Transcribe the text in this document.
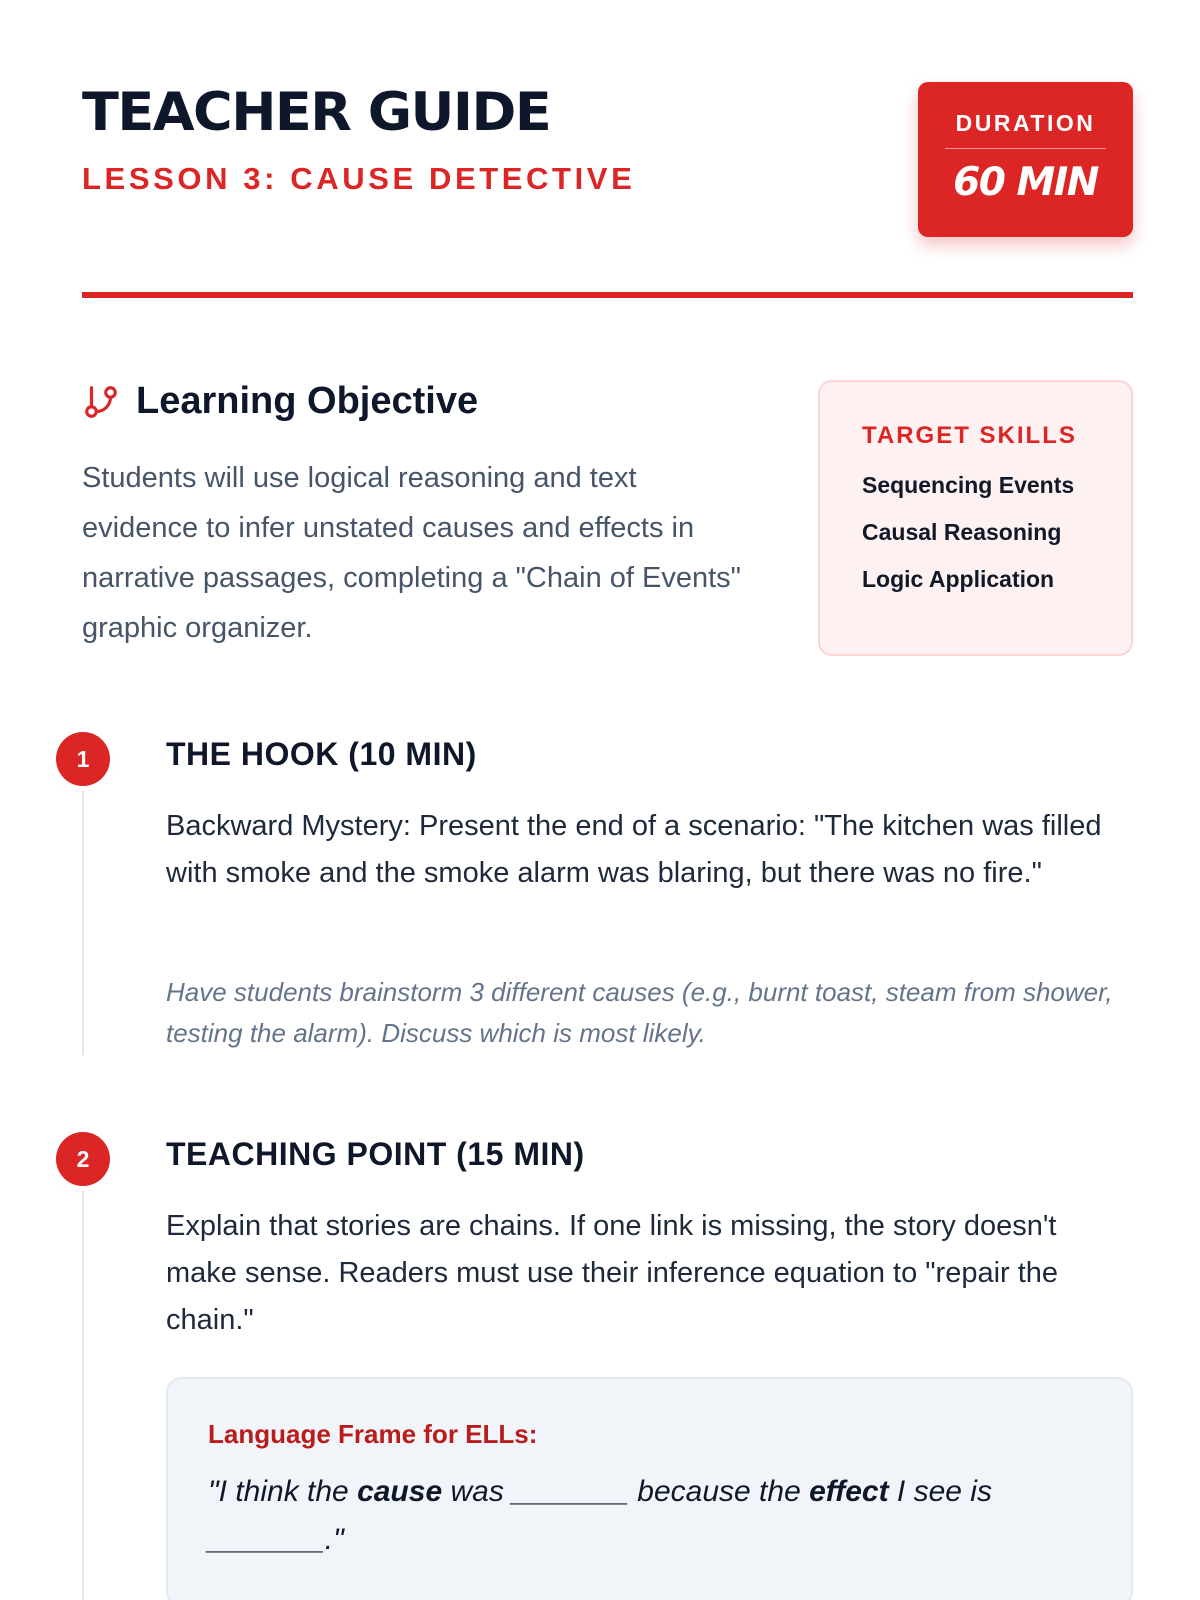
TEACHER GUIDE
LESSON 3: CAUSE DETECTIVE
DURATION
60 MIN
Learning Objective

Students will use logical reasoning and text evidence to infer unstated causes and effects in narrative passages, completing a "Chain of Events" graphic organizer.

TARGET SKILLS
Sequencing Events
Causal Reasoning
Logic Application
1	THE HOOK (10 MIN)
Backward Mystery: Present the end of a scenario: "The kitchen was filled with smoke and the smoke alarm was blaring, but there was no fire."
Have students brainstorm 3 different causes (e.g., burnt toast, steam from shower, testing the alarm). Discuss which is most likely.
2	TEACHING POINT (15 MIN)
Explain that stories are chains. If one link is missing, the story doesn't make sense. Readers must use their inference equation to "repair the chain."
Language Frame for ELLs:
"I think the cause was _______ because the effect I see is _______."
